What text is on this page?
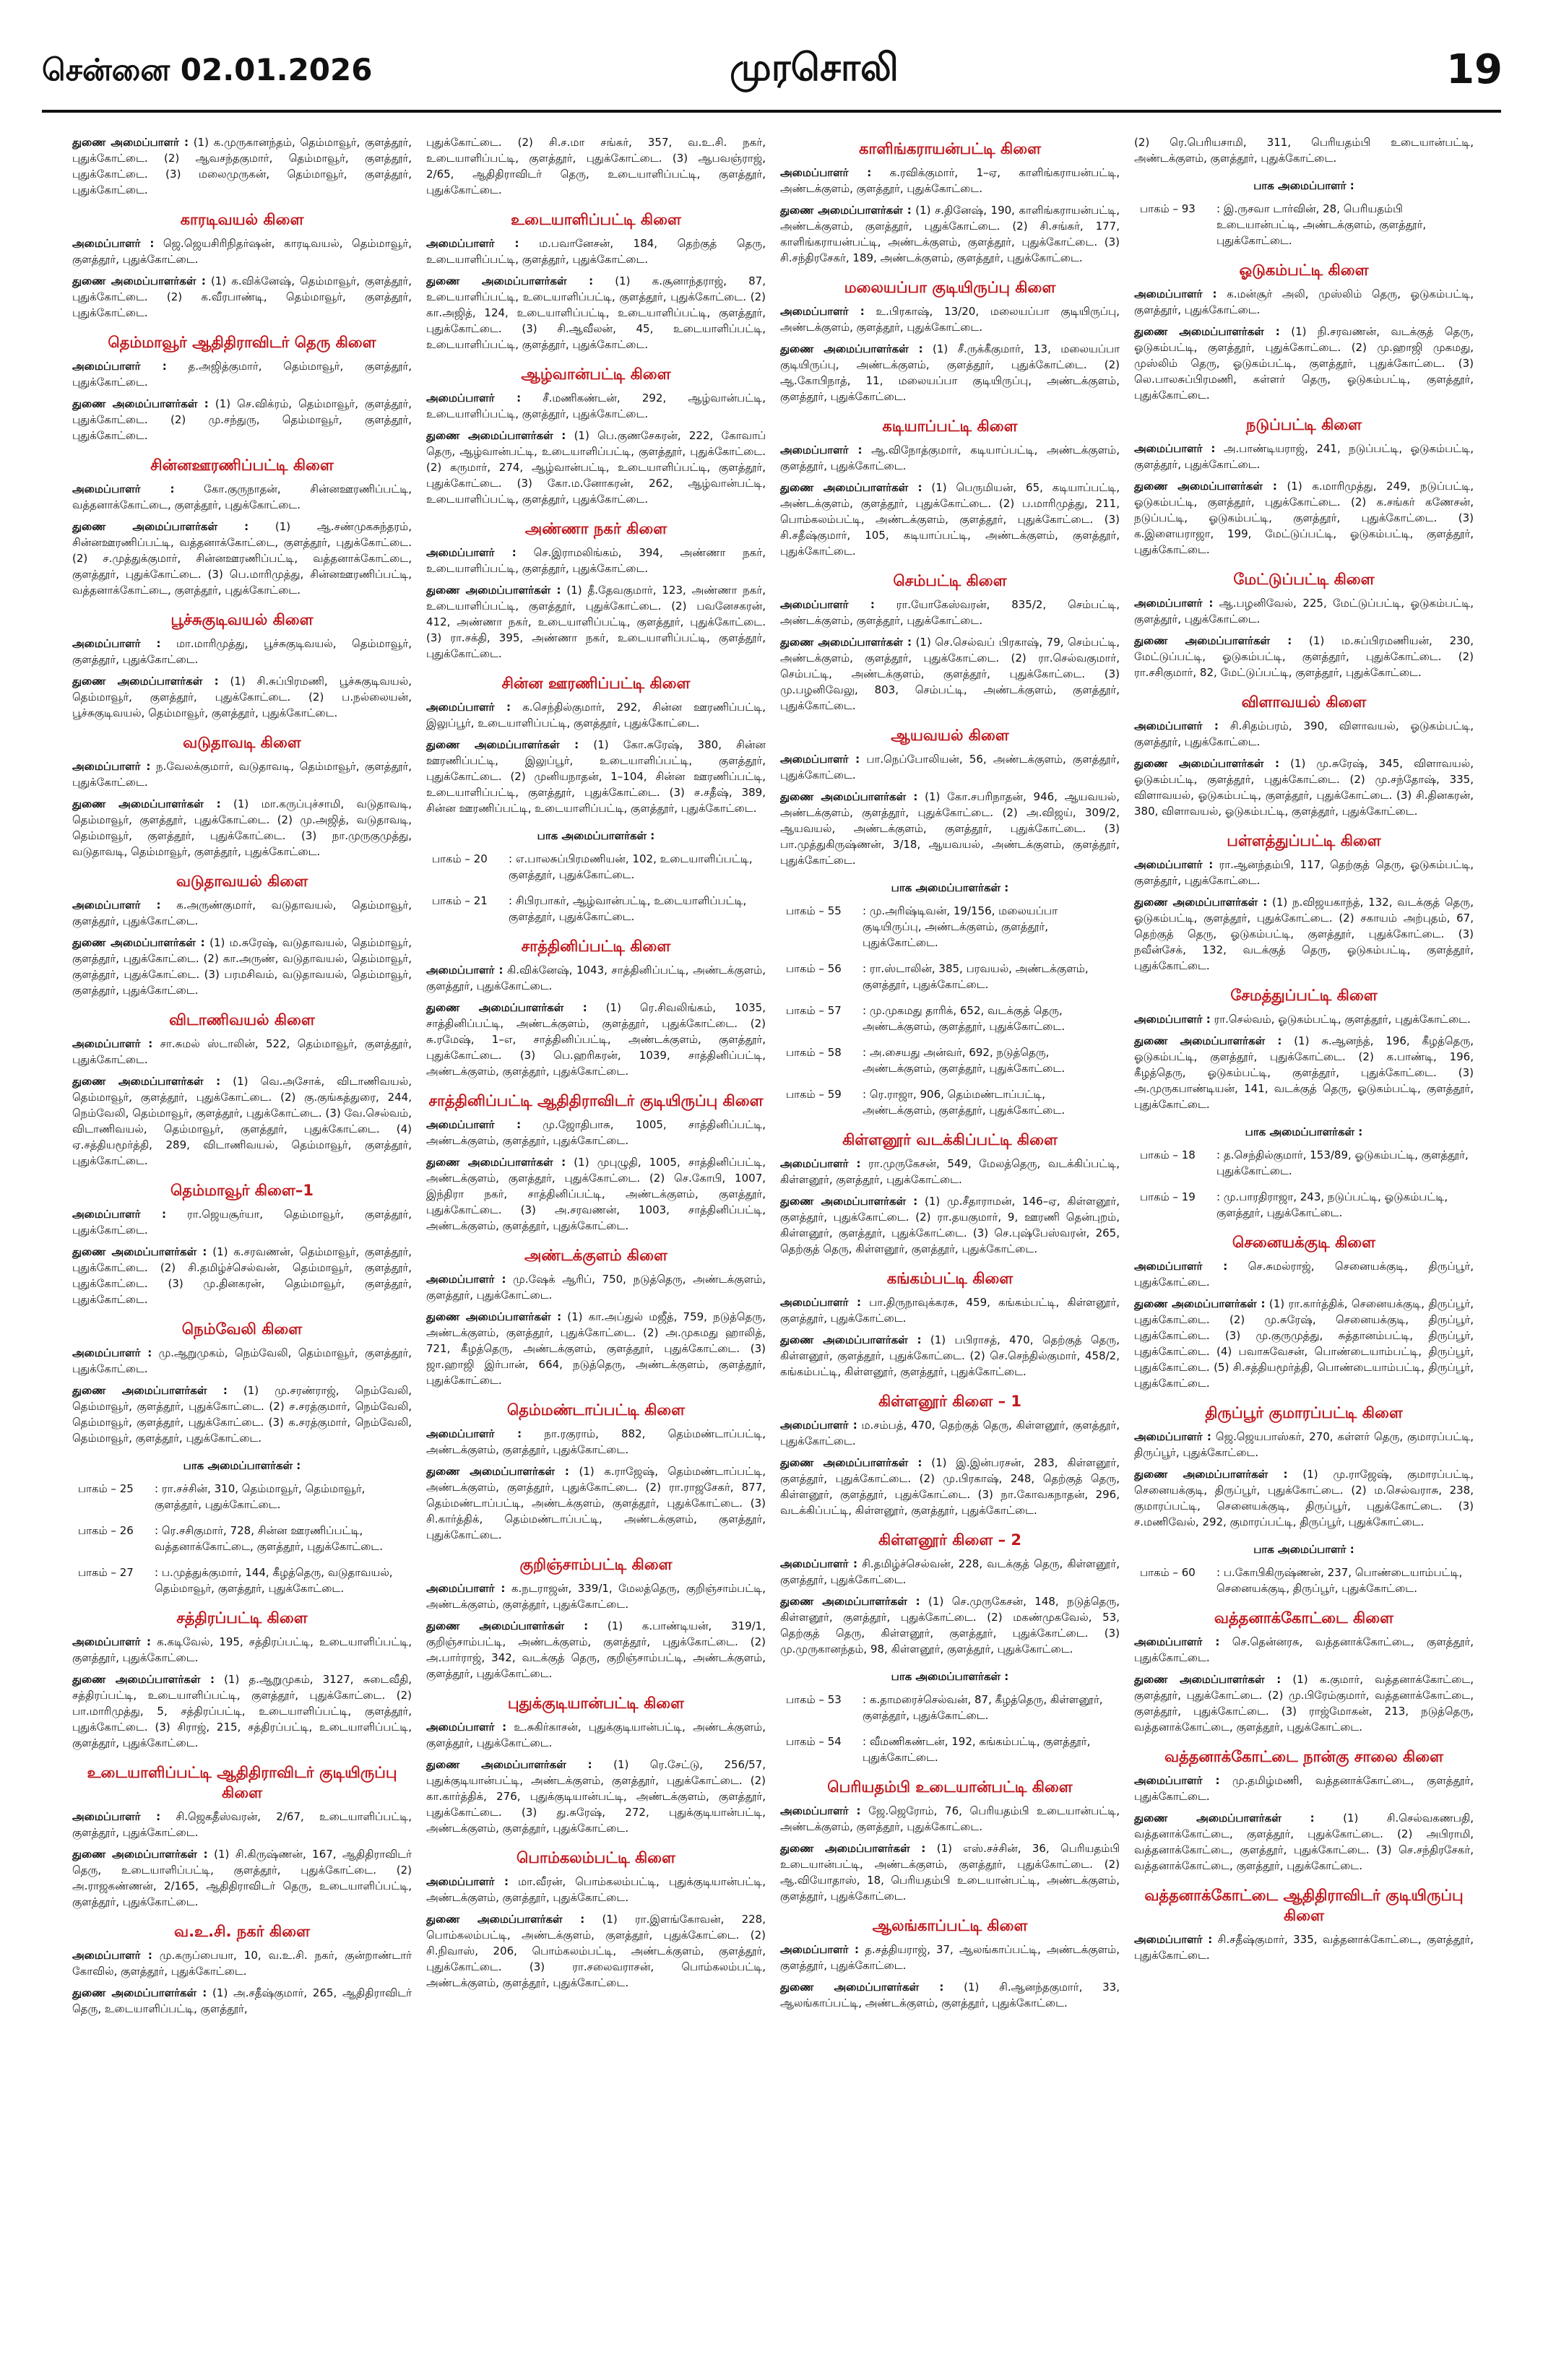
சென்னை 02.01.2026	முரசொலி	19

துணை அமைப்பாளர் : (1) க.முருகானந்தம், தெம்மாவூர், குளத்தூர், புதுக்கோட்டை. (2) ஆவசந்தகுமார், தெம்மாவூர், குளத்தூர், புதுக்கோட்டை. (3) மலைமுருகன், தெம்மாவூர், குளத்தூர், புதுக்கோட்டை.

காரடிவயல் கிளை

அமைப்பாளர் : ஜெ.ஜெயசிரிநிதர்ஷன், காரடிவயல், தெம்மாவூர், குளத்தூர், புதுக்கோட்டை.

துணை அமைப்பாளர்கள் : (1) க.விக்னேஷ், தெம்மாவூர், குளத்தூர், புதுக்கோட்டை. (2) க.வீரபாண்டி, தெம்மாவூர், குளத்தூர், புதுக்கோட்டை.

தெம்மாவூர் ஆதிதிராவிடர் தெரு கிளை

அமைப்பாளர் : த.அஜித்குமார், தெம்மாவூர், குளத்தூர், புதுக்கோட்டை.

துணை அமைப்பாளர்கள் : (1) செ.விக்ரம், தெம்மாவூர், குளத்தூர், புதுக்கோட்டை. (2) மு.சந்துரு, தெம்மாவூர், குளத்தூர், புதுக்கோட்டை.

சின்னஊரணிப்பட்டி கிளை

அமைப்பாளர் :	கோ.குருநாதன், சின்னஊரணிப்பட்டி, வத்தனாக்கோட்டை, குளத்தூர், புதுக்கோட்டை.

துணை அமைப்பாளர்கள் : (1) ஆ.சண்முகசுந்தரம், சின்னஊரணிப்பட்டி, வத்தனாக்கோட்டை, குளத்தூர், புதுக்கோட்டை. (2) ச.முத்துக்குமார், சின்னஊரணிப்பட்டி, வத்தனாக்கோட்டை, குளத்தூர், புதுக்கோட்டை. (3) பெ.மாரிமுத்து, சின்னஊரணிப்பட்டி, வத்தனாக்கோட்டை, குளத்தூர், புதுக்கோட்டை.

பூச்சுகுடிவயல் கிளை

அமைப்பாளர் : மா.மாரிமுத்து, பூச்சுகுடிவயல், தெம்மாவூர், குளத்தூர், புதுக்கோட்டை.

துணை அமைப்பாளர்கள் : (1) சி.சுப்பிரமணி, பூச்சுகுடிவயல், தெம்மாவூர், குளத்தூர், புதுக்கோட்டை. (2) ப.நல்லையன், பூச்சுகுடிவயல், தெம்மாவூர், குளத்தூர், புதுக்கோட்டை.

வடுதாவடி கிளை

அமைப்பாளர் : ந.வேலக்குமார், வடுதாவடி, தெம்மாவூர், குளத்தூர், புதுக்கோட்டை.

துணை அமைப்பாளர்கள் : (1) மா.கருப்புச்சாமி, வடுதாவடி, தெம்மாவூர், குளத்தூர், புதுக்கோட்டை. (2) மு.அஜித், வடுதாவடி, தெம்மாவூர், குளத்தூர், புதுக்கோட்டை. (3) நா.முருகுமுத்து, வடுதாவடி, தெம்மாவூர், குளத்தூர், புதுக்கோட்டை.

வடுதாவயல் கிளை

அமைப்பாளர் : க.அருண்குமார், வடுதாவயல், தெம்மாவூர், குளத்தூர், புதுக்கோட்டை.

துணை அமைப்பாளர்கள் : (1) ம.சுரேஷ், வடுதாவயல், தெம்மாவூர், குளத்தூர், புதுக்கோட்டை. (2) கா.அருண், வடுதாவயல், தெம்மாவூர், குளத்தூர், புதுக்கோட்டை. (3) பரமசிவம், வடுதாவயல், தெம்மாவூர், குளத்தூர், புதுக்கோட்டை.

விடாணிவயல் கிளை

அமைப்பாளர் : சா.சுமல் ஸ்டாலின், 522, தெம்மாவூர், குளத்தூர், புதுக்கோட்டை.

துணை அமைப்பாளர்கள் : (1) வெ.அசோக், விடாணிவயல், தெம்மாவூர், குளத்தூர், புதுக்கோட்டை. (2) கு.குங்கத்துரை, 244, நெம்வேலி, தெம்மாவூர், குளத்தூர், புதுக்கோட்டை. (3) வே.செல்வம், விடாணிவயல், தெம்மாவூர், குளத்தூர், புதுக்கோட்டை. (4) ஏ.சத்தியமூர்த்தி, 289, விடாணிவயல், தெம்மாவூர், குளத்தூர், புதுக்கோட்டை.

தெம்மாவூர் கிளை–1

அமைப்பாளர் : ரா.ஜெயசூர்யா, தெம்மாவூர், குளத்தூர், புதுக்கோட்டை.

துணை அமைப்பாளர்கள் : (1) க.சரவணன், தெம்மாவூர், குளத்தூர், புதுக்கோட்டை. (2) சி.தமிழ்ச்செல்வன், தெம்மாவூர், குளத்தூர், புதுக்கோட்டை. (3) மு.தினகரன், தெம்மாவூர், குளத்தூர், புதுக்கோட்டை.

நெம்வேலி கிளை

அமைப்பாளர் : மு.ஆறுமுகம், நெம்வேலி, தெம்மாவூர், குளத்தூர், புதுக்கோட்டை.

துணை அமைப்பாளர்கள் : (1) மு.சரண்ராஜ், நெம்வேலி, தெம்மாவூர், குளத்தூர், புதுக்கோட்டை. (2) ச.சரத்குமார், நெம்வேலி, தெம்மாவூர், குளத்தூர், புதுக்கோட்டை. (3) க.சரத்குமார், நெம்வேலி, தெம்மாவூர், குளத்தூர், புதுக்கோட்டை.

பாக அமைப்பாளர்கள் :
பாகம் – 25	: ரா.சச்சின், 310, தெம்மாவூர், தெம்மாவூர், குளத்தூர், புதுக்கோட்டை.
பாகம் – 26	: ரெ.சசிகுமார், 728, சின்ன ஊரணிப்பட்டி, வத்தனாக்கோட்டை, குளத்தூர், புதுக்கோட்டை.
பாகம் – 27	: ப.முத்துக்குமார், 144, கீழத்தெரு, வடுதாவயல், தெம்மாவூர், குளத்தூர், புதுக்கோட்டை.
சத்திரப்பட்டி கிளை

அமைப்பாளர் : க.கடிவேல், 195, சத்திரப்பட்டி, உடையாளிப்பட்டி, குளத்தூர், புதுக்கோட்டை.

துணை அமைப்பாளர்கள் : (1) த.ஆறுமுகம், 3127, சுடைவீதி, சத்திரப்பட்டி, உடையாளிப்பட்டி, குளத்தூர், புதுக்கோட்டை. (2) பா.மாரிமுத்து, 5, சத்திரப்பட்டி, உடையாளிப்பட்டி, குளத்தூர், புதுக்கோட்டை. (3) சிராஜ், 215, சத்திரப்பட்டி, உடையாளிப்பட்டி, குளத்தூர், புதுக்கோட்டை.

உடையாளிப்பட்டி ஆதிதிராவிடர் குடியிருப்பு கிளை

அமைப்பாளர் : சி.ஜெகதீஸ்வரன், 2/67, உடையாளிப்பட்டி, குளத்தூர், புதுக்கோட்டை.

துணை அமைப்பாளர்கள் : (1) சி.கிருஷ்ணன், 167, ஆதிதிராவிடர் தெரு, உடையாளிப்பட்டி, குளத்தூர், புதுக்கோட்டை. (2) அ.ராஜகண்ணன், 2/165, ஆதிதிராவிடர் தெரு, உடையாளிப்பட்டி, குளத்தூர், புதுக்கோட்டை.

வ.உ.சி. நகர் கிளை

அமைப்பாளர் : மு.கருப்பையா, 10, வ.உ.சி. நகர், குன்றாண்டார் கோவில், குளத்தூர், புதுக்கோட்டை.

துணை அமைப்பாளர்கள் : (1) அ.சதீஷ்குமார், 265, ஆதிதிராவிடர் தெரு, உடையாளிப்பட்டி, குளத்தூர்,

புதுக்கோட்டை. (2) சி.ச.மா சங்கர், 357, வ.உ.சி. நகர், உடையாளிப்பட்டி, குளத்தூர், புதுக்கோட்டை. (3) ஆபவஞ்ராஜ், 2/65, ஆதிதிராவிடர் தெரு, உடையாளிப்பட்டி, குளத்தூர், புதுக்கோட்டை.

உடையாளிப்பட்டி கிளை

அமைப்பாளர் : ம.பவானேசன், 184, தெற்குத் தெரு, உடையாளிப்பட்டி, குளத்தூர், புதுக்கோட்டை.

துணை அமைப்பாளர்கள் : (1) க.சூனாந்தராஜ், 87, உடையாளிப்பட்டி, உடையாளிப்பட்டி, குளத்தூர், புதுக்கோட்டை. (2) கா.அஜித், 124, உடையாளிப்பட்டி, உடையாளிப்பட்டி, குளத்தூர், புதுக்கோட்டை. (3) சி.ஆவீலன், 45, உடையாளிப்பட்டி, உடையாளிப்பட்டி, குளத்தூர், புதுக்கோட்டை.

ஆழ்வான்பட்டி கிளை

அமைப்பாளர் : சீ.மணிகண்டன், 292, ஆழ்வான்பட்டி, உடையாளிப்பட்டி, குளத்தூர், புதுக்கோட்டை.

துணை அமைப்பாளர்கள் : (1) பெ.குணசேகரன், 222, கோவாப் தெரு, ஆழ்வான்பட்டி, உடையாளிப்பட்டி, குளத்தூர், புதுக்கோட்டை. (2) கருமார், 274, ஆழ்வான்பட்டி, உடையாளிப்பட்டி, குளத்தூர், புதுக்கோட்டை. (3) கோ.ம.னோகரன், 262, ஆழ்வான்பட்டி, உடையாளிப்பட்டி, குளத்தூர், புதுக்கோட்டை.

அண்ணா நகர் கிளை

அமைப்பாளர் : செ.இராமலிங்கம், 394, அண்ணா நகர், உடையாளிப்பட்டி, குளத்தூர், புதுக்கோட்டை.

துணை அமைப்பாளர்கள் : (1) தீ.தேவகுமார், 123, அண்ணா நகர், உடையாளிப்பட்டி, குளத்தூர், புதுக்கோட்டை. (2) பவனேசகரன், 412, அண்ணா நகர், உடையாளிப்பட்டி, குளத்தூர், புதுக்கோட்டை. (3) ரா.சக்தி, 395, அண்ணா நகர், உடையாளிப்பட்டி, குளத்தூர், புதுக்கோட்டை.

சின்ன ஊரணிப்பட்டி கிளை

அமைப்பாளர் : க.செந்தில்குமார், 292, சின்ன ஊரணிப்பட்டி, இலுப்பூர், உடையாளிப்பட்டி, குளத்தூர், புதுக்கோட்டை.

துணை அமைப்பாளர்கள் : (1) கோ.சுரேஷ், 380, சின்ன ஊரணிப்பட்டி, இலுப்பூர், உடையாளிப்பட்டி, குளத்தூர், புதுக்கோட்டை. (2) முனியநாதன், 1–104, சின்ன ஊரணிப்பட்டி, உடையாளிப்பட்டி, குளத்தூர், புதுக்கோட்டை. (3) ச.சதீஷ், 389, சின்ன ஊரணிப்பட்டி, உடையாளிப்பட்டி, குளத்தூர், புதுக்கோட்டை.

பாக அமைப்பாளர்கள் :
பாகம் – 20	: எ.பாலசுப்பிரமணியன், 102, உடையாளிப்பட்டி, குளத்தூர், புதுக்கோட்டை.
பாகம் – 21	: சிபிரபாகர், ஆழ்வான்பட்டி, உடையாளிப்பட்டி, குளத்தூர், புதுக்கோட்டை.
சாத்தினிப்பட்டி கிளை

அமைப்பாளர் : கி.விக்னேஷ், 1043, சாத்தினிப்பட்டி, அண்டக்குளம், குளத்தூர், புதுக்கோட்டை.

துணை அமைப்பாளர்கள் : (1) ரெ.சிவலிங்கம், 1035, சாத்தினிப்பட்டி, அண்டக்குளம், குளத்தூர், புதுக்கோட்டை. (2) சு.ரமேஷ், 1–எ, சாத்தினிப்பட்டி, அண்டக்குளம், குளத்தூர், புதுக்கோட்டை. (3) பெ.ஹரிகரன், 1039, சாத்தினிப்பட்டி, அண்டக்குளம், குளத்தூர், புதுக்கோட்டை.

சாத்தினிப்பட்டி ஆதிதிராவிடர் குடியிருப்பு கிளை

அமைப்பாளர் : மு.ஜோதிபாசு, 1005, சாத்தினிப்பட்டி, அண்டக்குளம், குளத்தூர், புதுக்கோட்டை.

துணை அமைப்பாளர்கள் : (1) முபுழுதி, 1005, சாத்தினிப்பட்டி, அண்டக்குளம், குளத்தூர், புதுக்கோட்டை. (2) செ.கோபி, 1007, இந்திரா நகர், சாத்தினிப்பட்டி, அண்டக்குளம், குளத்தூர், புதுக்கோட்டை. (3) அ.சரவணன், 1003, சாத்தினிப்பட்டி, அண்டக்குளம், குளத்தூர், புதுக்கோட்டை.

அண்டக்குளம் கிளை

அமைப்பாளர் : மு.ஷேக் ஆரிப், 750, நடுத்தெரு, அண்டக்குளம், குளத்தூர், புதுக்கோட்டை.

துணை அமைப்பாளர்கள் : (1) கா.அப்துல் மஜீத், 759, நடுத்தெரு, அண்டக்குளம், குளத்தூர், புதுக்கோட்டை. (2) அ.முகமது ஹாலித், 721, கீழத்தெரு, அண்டக்குளம், குளத்தூர், புதுக்கோட்டை. (3) ஜா.ஹாஜி இர்பான், 664, நடுத்தெரு, அண்டக்குளம், குளத்தூர், புதுக்கோட்டை.

தெம்மண்டாப்பட்டி கிளை

அமைப்பாளர் : நா.ரகுராம், 882, தெம்மண்டாப்பட்டி, அண்டக்குளம், குளத்தூர், புதுக்கோட்டை.

துணை அமைப்பாளர்கள் : (1) க.ராஜேஷ், தெம்மண்டாப்பட்டி, அண்டக்குளம், குளத்தூர், புதுக்கோட்டை. (2) ரா.ராஜசேகர், 877, தெம்மண்டாப்பட்டி, அண்டக்குளம், குளத்தூர், புதுக்கோட்டை. (3) சி.கார்த்திக், தெம்மண்டாப்பட்டி, அண்டக்குளம், குளத்தூர், புதுக்கோட்டை.

குறிஞ்சாம்பட்டி கிளை

அமைப்பாளர் : க.நடராஜன், 339/1, மேலத்தெரு, குறிஞ்சாம்பட்டி, அண்டக்குளம், குளத்தூர், புதுக்கோட்டை.

துணை அமைப்பாளர்கள் : (1) க.பாண்டியன், 319/1, குறிஞ்சாம்பட்டி, அண்டக்குளம், குளத்தூர், புதுக்கோட்டை. (2) அ.பார்ராஜ், 342, வடக்குத் தெரு, குறிஞ்சாம்பட்டி, அண்டக்குளம், குளத்தூர், புதுக்கோட்டை.

புதுக்குடியான்பட்டி கிளை

அமைப்பாளர் : உ.சுகிர்காசன், புதுக்குடியான்பட்டி, அண்டக்குளம், குளத்தூர், புதுக்கோட்டை.

துணை அமைப்பாளர்கள் : (1) ரெ.சேட்டு, 256/57, புதுக்குடியான்பட்டி, அண்டக்குளம், குளத்தூர், புதுக்கோட்டை. (2) கா.கார்த்திக், 276, புதுக்குடியான்பட்டி, அண்டக்குளம், குளத்தூர், புதுக்கோட்டை. (3) து.சுரேஷ், 272, புதுக்குடியான்பட்டி, அண்டக்குளம், குளத்தூர், புதுக்கோட்டை.

பொம்கலம்பட்டி கிளை

அமைப்பாளர் : மா.வீரன், பொம்கலம்பட்டி, புதுக்குடியான்பட்டி, அண்டக்குளம், குளத்தூர், புதுக்கோட்டை.

துணை அமைப்பாளர்கள் : (1) ரா.இளங்கோவன், 228, பொம்கலம்பட்டி, அண்டக்குளம், குளத்தூர், புதுக்கோட்டை. (2) சி.நிவாஸ், 206, பொம்கலம்பட்டி, அண்டக்குளம், குளத்தூர், புதுக்கோட்டை. (3) ரா.சலைவராசன், பொம்கலம்பட்டி, அண்டக்குளம், குளத்தூர், புதுக்கோட்டை.

காளிங்கராயன்பட்டி கிளை

அமைப்பாளர் : க.ரவிக்குமார், 1–ஏ, காளிங்கராயன்பட்டி, அண்டக்குளம், குளத்தூர், புதுக்கோட்டை.

துணை அமைப்பாளர்கள் : (1) ச.தினேஷ், 190, காளிங்கராயன்பட்டி, அண்டக்குளம், குளத்தூர், புதுக்கோட்டை. (2) சி.சங்கர், 177, காளிங்கராயன்பட்டி, அண்டக்குளம், குளத்தூர், புதுக்கோட்டை. (3) சி.சந்திரசேகர், 189, அண்டக்குளம், குளத்தூர், புதுக்கோட்டை.

மலையப்பா குடியிருப்பு கிளை

அமைப்பாளர் : உ.பிரகாஷ், 13/20, மலையப்பா குடியிருப்பு, அண்டக்குளம், குளத்தூர், புதுக்கோட்டை.

துணை அமைப்பாளர்கள் : (1) சீ.ருக்கீகுமார், 13, மலையப்பா குடியிருப்பு, அண்டக்குளம், குளத்தூர், புதுக்கோட்டை. (2) ஆ.கோபிநாத், 11, மலையப்பா குடியிருப்பு, அண்டக்குளம், குளத்தூர், புதுக்கோட்டை.

கடியாப்பட்டி கிளை

அமைப்பாளர் : ஆ.விநோத்குமார், கடியாப்பட்டி, அண்டக்குளம், குளத்தூர், புதுக்கோட்டை.

துணை அமைப்பாளர்கள் : (1) பெருமியன், 65, கடியாப்பட்டி, அண்டக்குளம், குளத்தூர், புதுக்கோட்டை. (2) ப.மாரிமுத்து, 211, பொம்கலம்பட்டி, அண்டக்குளம், குளத்தூர், புதுக்கோட்டை. (3) சி.சதீஷ்குமார், 105, கடியாப்பட்டி, அண்டக்குளம், குளத்தூர், புதுக்கோட்டை.

செம்பட்டி கிளை

அமைப்பாளர் : ரா.யோகேஸ்வரன், 835/2, செம்பட்டி, அண்டக்குளம், குளத்தூர், புதுக்கோட்டை.

துணை அமைப்பாளர்கள் : (1) செ.செல்வப் பிரகாஷ், 79, செம்பட்டி, அண்டக்குளம், குளத்தூர், புதுக்கோட்டை. (2) ரா.செல்வகுமார், செம்பட்டி, அண்டக்குளம், குளத்தூர், புதுக்கோட்டை. (3) மு.பழனிவேலு, 803, செம்பட்டி, அண்டக்குளம், குளத்தூர், புதுக்கோட்டை.

ஆயவயல் கிளை

அமைப்பாளர் : பா.நெப்போலியன், 56, அண்டக்குளம், குளத்தூர், புதுக்கோட்டை.

துணை அமைப்பாளர்கள் : (1) கோ.சபரிநாதன், 946, ஆயவயல், அண்டக்குளம், குளத்தூர், புதுக்கோட்டை. (2) அ.விஜய், 309/2, ஆயவயல், அண்டக்குளம், குளத்தூர், புதுக்கோட்டை. (3) பா.முத்துகிருஷ்ணன், 3/18, ஆயவயல், அண்டக்குளம், குளத்தூர், புதுக்கோட்டை.

பாக அமைப்பாளர்கள் :
பாகம் – 55	: மு.அரிஷ்டிவன், 19/156, மலையப்பா குடியிருப்பு, அண்டக்குளம், குளத்தூர், புதுக்கோட்டை.
பாகம் – 56	: ரா.ஸ்டாலின், 385, பரவயல், அண்டக்குளம், குளத்தூர், புதுக்கோட்டை.
பாகம் – 57	: மு.முகமது தாரிக், 652, வடக்குத் தெரு, அண்டக்குளம், குளத்தூர், புதுக்கோட்டை.
பாகம் – 58	: அ.சையது அன்வர், 692, நடுத்தெரு, அண்டக்குளம், குளத்தூர், புதுக்கோட்டை.
பாகம் – 59	: ரெ.ராஜா, 906, தெம்மண்டாப்பட்டி, அண்டக்குளம், குளத்தூர், புதுக்கோட்டை.
கிள்ளனூர் வடக்கிப்பட்டி கிளை

அமைப்பாளர் : ரா.முருகேசன், 549, மேலத்தெரு, வடக்கிப்பட்டி, கிள்ளனூர், குளத்தூர், புதுக்கோட்டை.

துணை அமைப்பாளர்கள் : (1) மு.சீதாராமன், 146–ஏ, கிள்ளனூர், குளத்தூர், புதுக்கோட்டை. (2) ரா.தயகுமார், 9, ஊரணி தென்புறம், கிள்ளனூர், குளத்தூர், புதுக்கோட்டை. (3) செ.புஷ்பேஸ்வரன், 265, தெற்குத் தெரு, கிள்ளனூர், குளத்தூர், புதுக்கோட்டை.

கங்கம்பட்டி கிளை

அமைப்பாளர் : பா.திருநாவுக்கரசு, 459, கங்கம்பட்டி, கிள்ளனூர், குளத்தூர், புதுக்கோட்டை.

துணை அமைப்பாளர்கள் : (1) பபிராசத், 470, தெற்குத் தெரு, கிள்ளனூர், குளத்தூர், புதுக்கோட்டை. (2) செ.செந்தில்குமார், 458/2, கங்கம்பட்டி, கிள்ளனூர், குளத்தூர், புதுக்கோட்டை.

கிள்ளனூர் கிளை – 1

அமைப்பாளர் : ம.சம்பத், 470, தெற்குத் தெரு, கிள்ளனூர், குளத்தூர், புதுக்கோட்டை.

துணை அமைப்பாளர்கள் : (1) இ.இன்பரசன், 283, கிள்ளனூர், குளத்தூர், புதுக்கோட்டை. (2) மு.பிரகாஷ், 248, தெற்குத் தெரு, கிள்ளனூர், குளத்தூர், புதுக்கோட்டை. (3) நா.கோவகநாதன், 296, வடக்கிப்பட்டி, கிள்ளனூர், குளத்தூர், புதுக்கோட்டை.

கிள்ளனூர் கிளை – 2

அமைப்பாளர் : சி.தமிழ்ச்செல்வன், 228, வடக்குத் தெரு, கிள்ளனூர், குளத்தூர், புதுக்கோட்டை.

துணை அமைப்பாளர்கள் : (1) செ.முருகேசன், 148, நடுத்தெரு, கிள்ளனூர், குளத்தூர், புதுக்கோட்டை. (2) மகண்முகவேல், 53, தெற்குத் தெரு, கிள்ளனூர், குளத்தூர், புதுக்கோட்டை. (3) மு.முருகானந்தம், 98, கிள்ளனூர், குளத்தூர், புதுக்கோட்டை.

பாக அமைப்பாளர்கள் :
பாகம் – 53	: க.தாமரைச்செல்வன், 87, கீழத்தெரு, கிள்ளனூர், குளத்தூர், புதுக்கோட்டை.
பாகம் – 54	: வீமணிகண்டன், 192, கங்கம்பட்டி, குளத்தூர், புதுக்கோட்டை.
பெரியதம்பி உடையான்பட்டி கிளை

அமைப்பாளர் : ஜே.ஜெரோம், 76, பெரியதம்பி உடையான்பட்டி, அண்டக்குளம், குளத்தூர், புதுக்கோட்டை.

துணை அமைப்பாளர்கள் : (1) எஸ்.சச்சின், 36, பெரியதம்பி உடையான்பட்டி, அண்டக்குளம், குளத்தூர், புதுக்கோட்டை. (2) ஆ.வியோதாஸ், 18, பெரியதம்பி உடையான்பட்டி, அண்டக்குளம், குளத்தூர், புதுக்கோட்டை.

ஆலங்காப்பட்டி கிளை

அமைப்பாளர் : த.சத்தியராஜ், 37, ஆலங்காப்பட்டி, அண்டக்குளம், குளத்தூர், புதுக்கோட்டை.

துணை அமைப்பாளர்கள் : (1) சி.ஆனந்தகுமார், 33, ஆலங்காப்பட்டி, அண்டக்குளம், குளத்தூர், புதுக்கோட்டை.

(2) ரெ.பெரியசாமி, 311, பெரியதம்பி உடையான்பட்டி, அண்டக்குளம், குளத்தூர், புதுக்கோட்டை.

பாக அமைப்பாளர் :
பாகம் – 93	: இ.ருசவா டார்வின், 28, பெரியதம்பி உடையான்பட்டி, அண்டக்குளம், குளத்தூர், புதுக்கோட்டை.
ஓடுகம்பட்டி கிளை

அமைப்பாளர் : க.மன்சூர் அலி, முஸ்லிம் தெரு, ஓடுகம்பட்டி, குளத்தூர், புதுக்கோட்டை.

துணை அமைப்பாளர்கள் : (1) நி.சரவணன், வடக்குத் தெரு, ஓடுகம்பட்டி, குளத்தூர், புதுக்கோட்டை. (2) மு.ஹாஜி முகமது, முஸ்லிம் தெரு, ஓடுகம்பட்டி, குளத்தூர், புதுக்கோட்டை. (3) லெ.பாலசுப்பிரமணி, கள்ளர் தெரு, ஓடுகம்பட்டி, குளத்தூர், புதுக்கோட்டை.

நடுப்பட்டி கிளை

அமைப்பாளர் : அ.பாண்டியராஜ், 241, நடுப்பட்டி, ஓடுகம்பட்டி, குளத்தூர், புதுக்கோட்டை.

துணை அமைப்பாளர்கள் : (1) க.மாரிமுத்து, 249, நடுப்பட்டி, ஓடுகம்பட்டி, குளத்தூர், புதுக்கோட்டை. (2) க.சங்கர் கணேசன், நடுப்பட்டி, ஓடுகம்பட்டி, குளத்தூர், புதுக்கோட்டை. (3) க.இளையராஜா, 199, மேட்டுப்பட்டி, ஓடுகம்பட்டி, குளத்தூர், புதுக்கோட்டை.

மேட்டுப்பட்டி கிளை

அமைப்பாளர் : ஆ.பழனிவேல், 225, மேட்டுப்பட்டி, ஓடுகம்பட்டி, குளத்தூர், புதுக்கோட்டை.

துணை அமைப்பாளர்கள் : (1) ம.சுப்பிரமணியன், 230, மேட்டுப்பட்டி, ஓடுகம்பட்டி, குளத்தூர், புதுக்கோட்டை. (2) ரா.சசிகுமார், 82, மேட்டுப்பட்டி, குளத்தூர், புதுக்கோட்டை.

விளாவயல் கிளை

அமைப்பாளர் : சி.சிதம்பரம், 390, விளாவயல், ஓடுகம்பட்டி, குளத்தூர், புதுக்கோட்டை.

துணை அமைப்பாளர்கள் : (1) மு.சுரேஷ், 345, விளாவயல், ஓடுகம்பட்டி, குளத்தூர், புதுக்கோட்டை. (2) மு.சந்தோஷ், 335, விளாவயல், ஓடுகம்பட்டி, குளத்தூர், புதுக்கோட்டை. (3) சி.தினகரன், 380, விளாவயல், ஓடுகம்பட்டி, குளத்தூர், புதுக்கோட்டை.

பள்ளத்துப்பட்டி கிளை

அமைப்பாளர் : ரா.ஆனந்தம்பி, 117, தெற்குத் தெரு, ஓடுகம்பட்டி, குளத்தூர், புதுக்கோட்டை.

துணை அமைப்பாளர்கள் : (1) ந.விஜயகாந்த், 132, வடக்குத் தெரு, ஓடுகம்பட்டி, குளத்தூர், புதுக்கோட்டை. (2) சகாயம் அற்புதம், 67, தெற்குத் தெரு, ஓடுகம்பட்டி, குளத்தூர், புதுக்கோட்டை. (3) நவீன்சேக், 132, வடக்குத் தெரு, ஓடுகம்பட்டி, குளத்தூர், புதுக்கோட்டை.

சேமத்துப்பட்டி கிளை

அமைப்பாளர் : ரா.செல்வம், ஓடுகம்பட்டி, குளத்தூர், புதுக்கோட்டை.

துணை அமைப்பாளர்கள் : (1) சு.ஆனந்த், 196, கீழத்தெரு, ஓடுகம்பட்டி, குளத்தூர், புதுக்கோட்டை. (2) க.பாண்டி, 196, கீழத்தெரு, ஓடுகம்பட்டி, குளத்தூர், புதுக்கோட்டை. (3) அ.முருகபாண்டியன், 141, வடக்குத் தெரு, ஓடுகம்பட்டி, குளத்தூர், புதுக்கோட்டை.

பாக அமைப்பாளர்கள் :
பாகம் – 18	: த.செந்தில்குமார், 153/89, ஓடுகம்பட்டி, குளத்தூர், புதுக்கோட்டை.
பாகம் – 19	: மு.பாரதிராஜா, 243, நடுப்பட்டி, ஓடுகம்பட்டி, குளத்தூர், புதுக்கோட்டை.
செனையக்குடி கிளை

அமைப்பாளர் : செ.சுமல்ராஜ், செனையக்குடி, திருப்பூர், புதுக்கோட்டை.

துணை அமைப்பாளர்கள் : (1) ரா.கார்த்திக், செனையக்குடி, திருப்பூர், புதுக்கோட்டை. (2) மு.சுரேஷ், செனையக்குடி, திருப்பூர், புதுக்கோட்டை. (3) மு.குருமுத்து, சுத்தானம்பட்டி, திருப்பூர், புதுக்கோட்டை. (4) பவாசுவேசன், பொண்டையாம்பட்டி, திருப்பூர், புதுக்கோட்டை. (5) சி.சத்தியமூர்த்தி, பொண்டையாம்பட்டி, திருப்பூர், புதுக்கோட்டை.

திருப்பூர் குமாரப்பட்டி கிளை

அமைப்பாளர் : ஜெ.ஜெயபாஸ்கர், 270, கள்ளர் தெரு, குமாரப்பட்டி, திருப்பூர், புதுக்கோட்டை.

துணை அமைப்பாளர்கள் : (1) மு.ராஜேஷ், குமாரப்பட்டி, செனையக்குடி, திருப்பூர், புதுக்கோட்டை. (2) ம.செல்வராசு, 238, குமாரப்பட்டி, செனையக்குடி, திருப்பூர், புதுக்கோட்டை. (3) ச.மணிவேல், 292, குமாரப்பட்டி, திருப்பூர், புதுக்கோட்டை.

பாக அமைப்பாளர் :
பாகம் – 60	: ப.கோபிகிருஷ்ணன், 237, பொண்டையாம்பட்டி, செனையக்குடி, திருப்பூர், புதுக்கோட்டை.
வத்தனாக்கோட்டை கிளை

அமைப்பாளர் : செ.தென்னரசு, வத்தனாக்கோட்டை, குளத்தூர், புதுக்கோட்டை.

துணை அமைப்பாளர்கள் : (1) க.குமார், வத்தனாக்கோட்டை, குளத்தூர், புதுக்கோட்டை. (2) மு.பிரேம்குமார், வத்தனாக்கோட்டை, குளத்தூர், புதுக்கோட்டை. (3) ராஜ்மோகன், 213, நடுத்தெரு, வத்தனாக்கோட்டை, குளத்தூர், புதுக்கோட்டை.

வத்தனாக்கோட்டை நான்கு சாலை கிளை

அமைப்பாளர் : மு.தமிழ்மணி, வத்தனாக்கோட்டை, குளத்தூர், புதுக்கோட்டை.

துணை அமைப்பாளர்கள் :	(1) சி.செல்வகணபதி, வத்தனாக்கோட்டை, குளத்தூர், புதுக்கோட்டை. (2) அபிராமி, வத்தனாக்கோட்டை, குளத்தூர், புதுக்கோட்டை. (3) செ.சந்திரசேகர், வத்தனாக்கோட்டை, குளத்தூர், புதுக்கோட்டை.

வத்தனாக்கோட்டை ஆதிதிராவிடர் குடியிருப்பு கிளை

அமைப்பாளர் : சி.சதீஷ்குமார், 335, வத்தனாக்கோட்டை, குளத்தூர், புதுக்கோட்டை.
